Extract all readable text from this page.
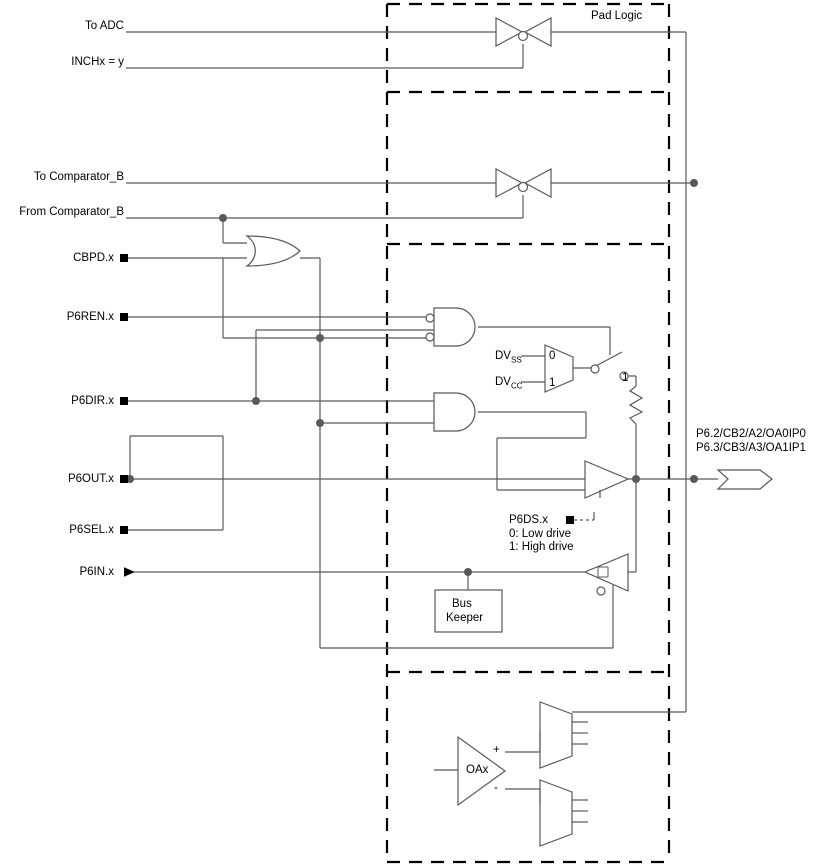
To ADC
INCHx = y
To Comparator_B
From Comparator_B
CBPD.x
P6REN.x
P6DIR.x
P6OUT.x
P6SEL.x
P6IN.x
Pad Logic
$DV_{SS}$
$DV_{CC}$
0
1	1
P6DS.x
0: Low drive
1: High drive
Bus
Keeper
OAx
+
-
P6.2/CB2/A2/OA0IP0
P6.3/CB3/A3/OA1IP1
